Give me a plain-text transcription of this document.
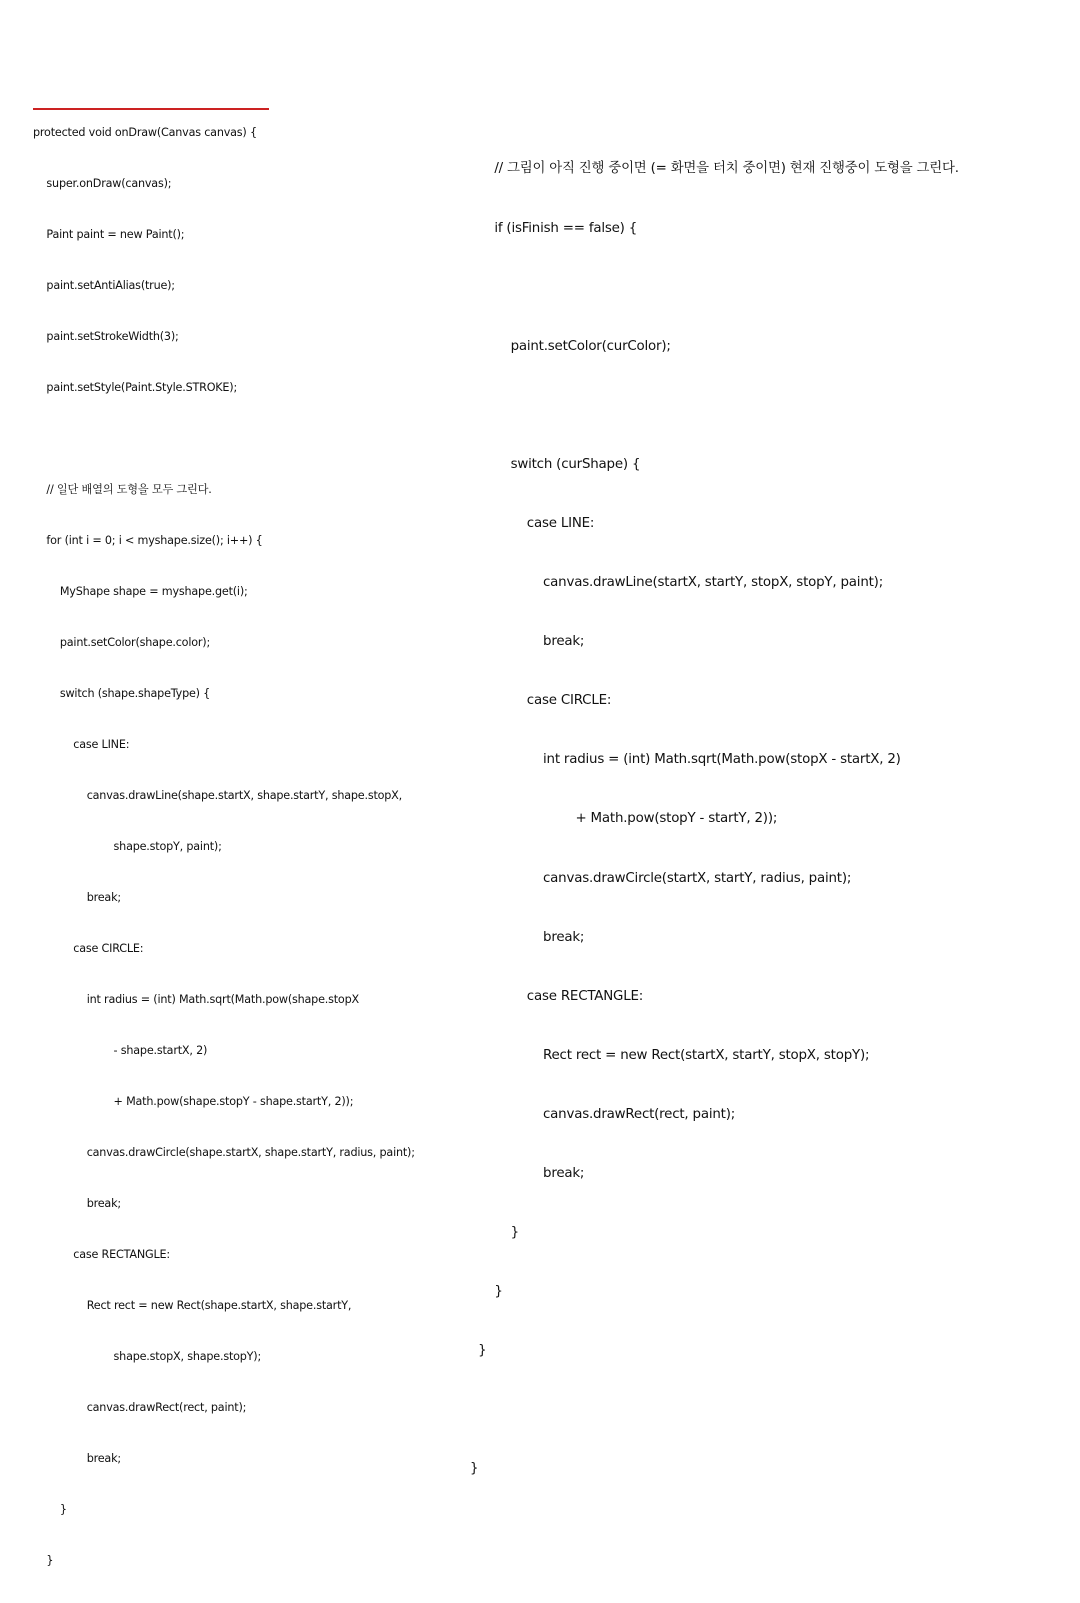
protected void onDraw(Canvas canvas) {

super.onDraw(canvas);

Paint paint = new Paint();

paint.setAntiAlias(true);

paint.setStrokeWidth(3);

paint.setStyle(Paint.Style.STROKE);

// 일단 배열의 도형을 모두 그린다.

for (int i = 0; i < myshape.size(); i++) {

MyShape shape = myshape.get(i);

paint.setColor(shape.color);

switch (shape.shapeType) {

case LINE:

canvas.drawLine(shape.startX, shape.startY, shape.stopX,

shape.stopY, paint);

break;

case CIRCLE:

int radius = (int) Math.sqrt(Math.pow(shape.stopX

- shape.startX, 2)

+ Math.pow(shape.stopY - shape.startY, 2));

canvas.drawCircle(shape.startX, shape.startY, radius, paint);

break;

case RECTANGLE:

Rect rect = new Rect(shape.startX, shape.startY,

shape.stopX, shape.stopY);

canvas.drawRect(rect, paint);

break;

}

}

// 그림이 아직 진행 중이면 (= 화면을 터치 중이면) 현재 진행중이 도형을 그린다.

if (isFinish == false) {

paint.setColor(curColor);

switch (curShape) {

case LINE:

canvas.drawLine(startX, startY, stopX, stopY, paint);

break;

case CIRCLE:

int radius = (int) Math.sqrt(Math.pow(stopX - startX, 2)

+ Math.pow(stopY - startY, 2));

canvas.drawCircle(startX, startY, radius, paint);

break;

case RECTANGLE:

Rect rect = new Rect(startX, startY, stopX, stopY);

canvas.drawRect(rect, paint);

break;

}

}

}

}
